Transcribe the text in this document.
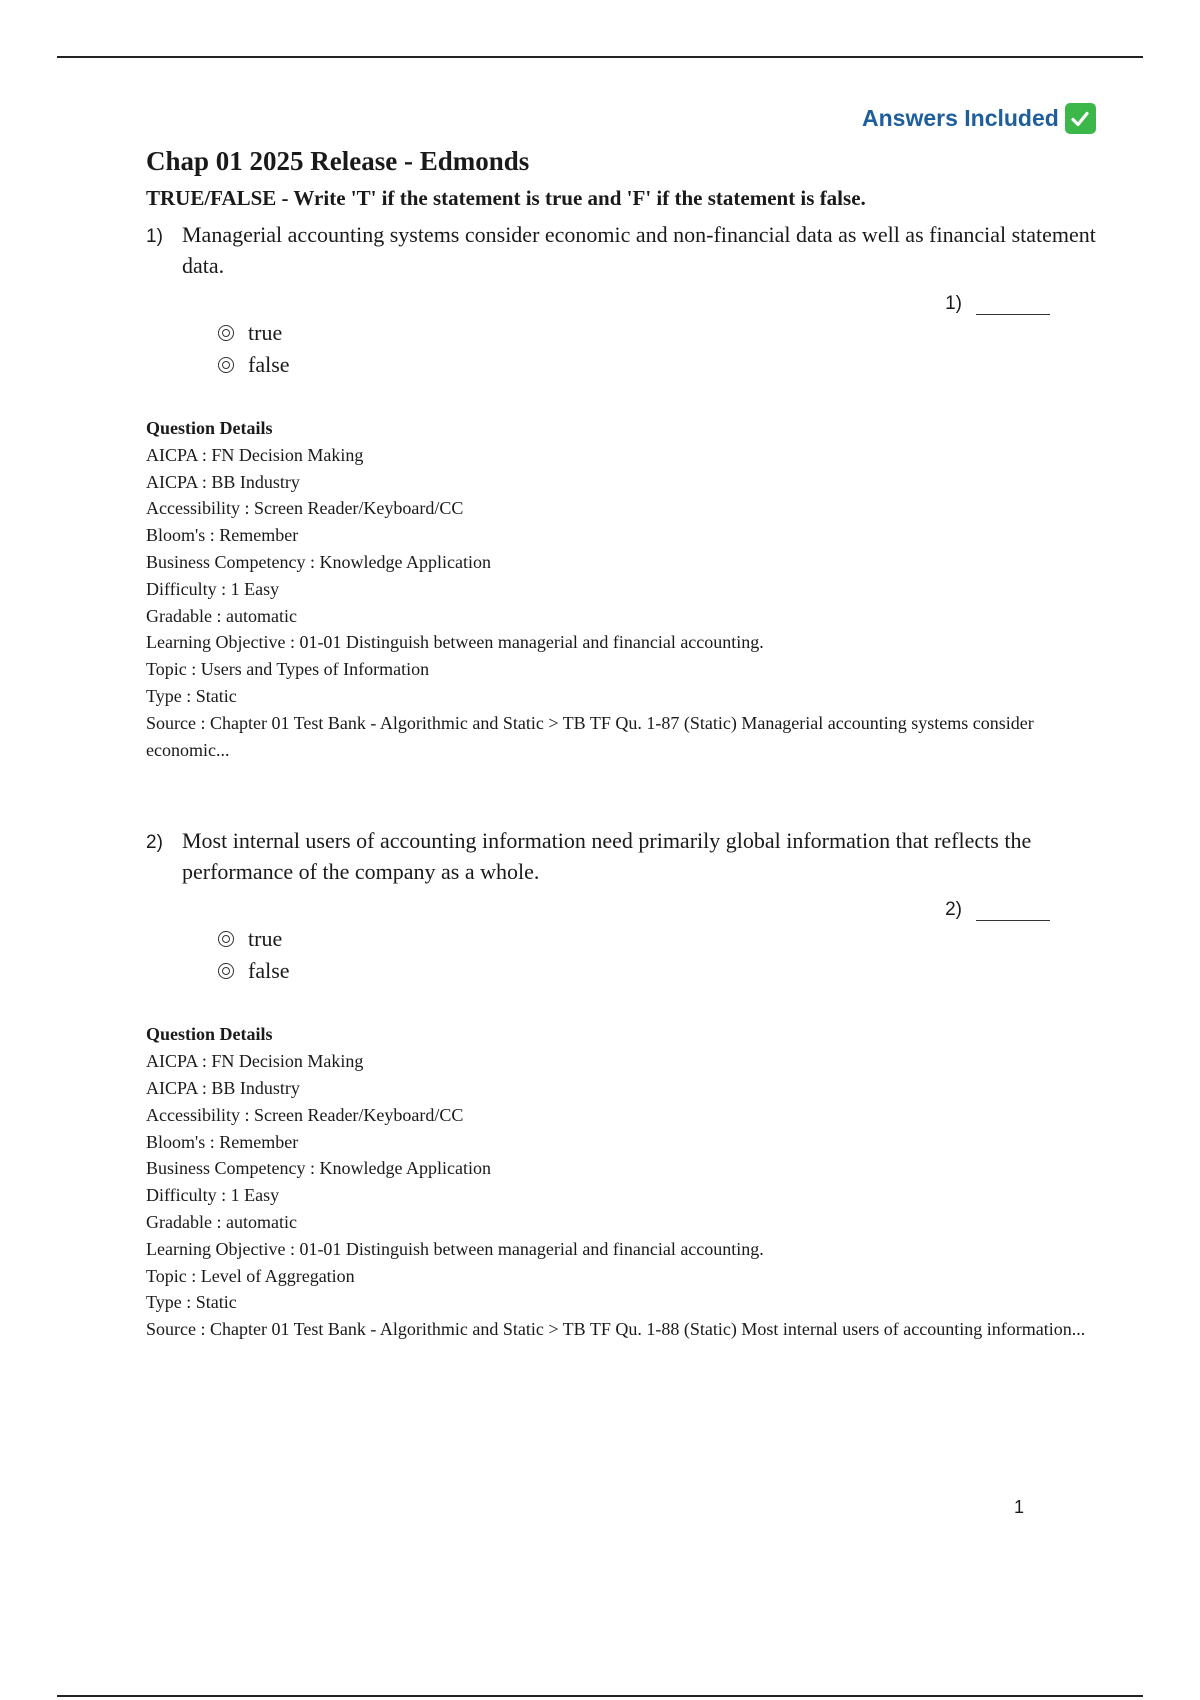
Answers Included
Chap 01 2025 Release - Edmonds

TRUE/FALSE - Write 'T' if the statement is true and 'F' if the statement is false.

1) Managerial accounting systems consider economic and non-financial data as well as financial statement data.
1)
true
false
Question Details

AICPA : FN Decision Making

AICPA : BB Industry

Accessibility : Screen Reader/Keyboard/CC

Bloom's : Remember

Business Competency : Knowledge Application

Difficulty : 1 Easy

Gradable : automatic

Learning Objective : 01-01 Distinguish between managerial and financial accounting.

Topic : Users and Types of Information

Type : Static

Source : Chapter 01 Test Bank - Algorithmic and Static > TB TF Qu. 1-87 (Static) Managerial accounting systems consider economic...

2) Most internal users of accounting information need primarily global information that reflects the performance of the company as a whole.
2)
true
false
Question Details

AICPA : FN Decision Making

AICPA : BB Industry

Accessibility : Screen Reader/Keyboard/CC

Bloom's : Remember

Business Competency : Knowledge Application

Difficulty : 1 Easy

Gradable : automatic

Learning Objective : 01-01 Distinguish between managerial and financial accounting.

Topic : Level of Aggregation

Type : Static

Source : Chapter 01 Test Bank - Algorithmic and Static > TB TF Qu. 1-88 (Static) Most internal users of accounting information...

1
